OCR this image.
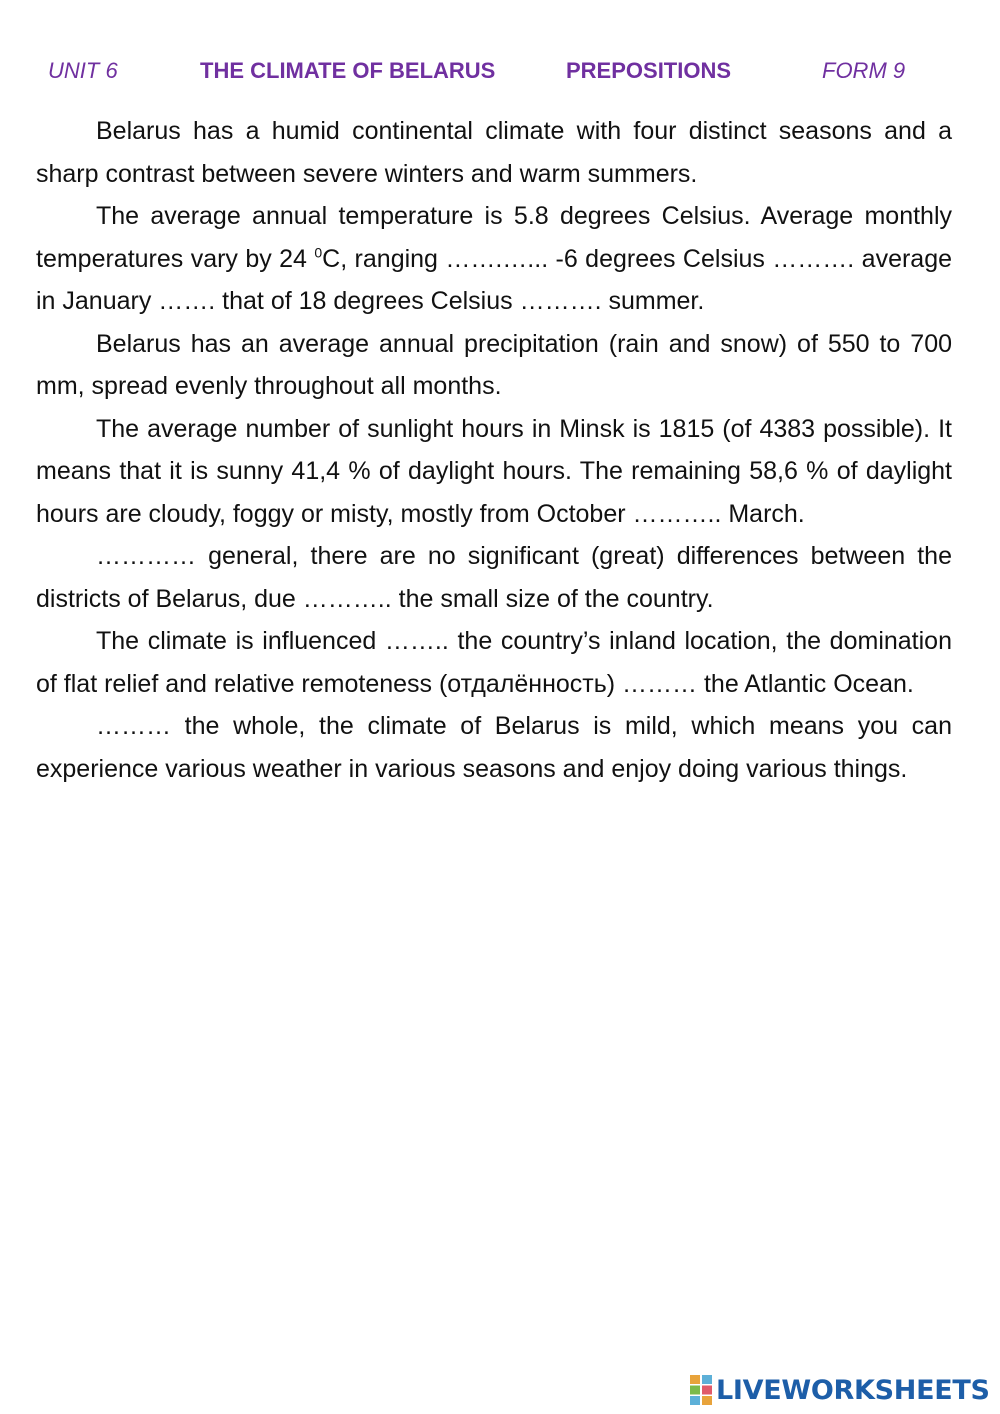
UNIT 6	THE CLIMATE OF BELARUS	PREPOSITIONS	FORM 9

Belarus has a humid continental climate with four distinct seasons and a sharp contrast between severe winters and warm summers.

The average annual temperature is 5.8 degrees Celsius. Average monthly temperatures vary by 24 $^0$C, ranging …….…... -6 degrees Celsius ………. average in January ……. that of 18 degrees Celsius ………. summer.

Belarus has an average annual precipitation (rain and snow) of 550 to 700 mm, spread evenly throughout all months.

The average number of sunlight hours in Minsk is 1815 (of 4383 possible). It means that it is sunny 41,4 % of daylight hours. The remaining 58,6 % of daylight hours are cloudy, foggy or misty, mostly from October ……….. March.

………… general, there are no significant (great) differences between the districts of Belarus, due ……….. the small size of the country.

The climate is influenced …….. the country’s inland location, the domination of flat relief and relative remoteness (отдалённость) ……… the Atlantic Ocean.

……… the whole, the climate of Belarus is mild, which means you can experience various weather in various seasons and enjoy doing various things.

LIVEWORKSHEETS
